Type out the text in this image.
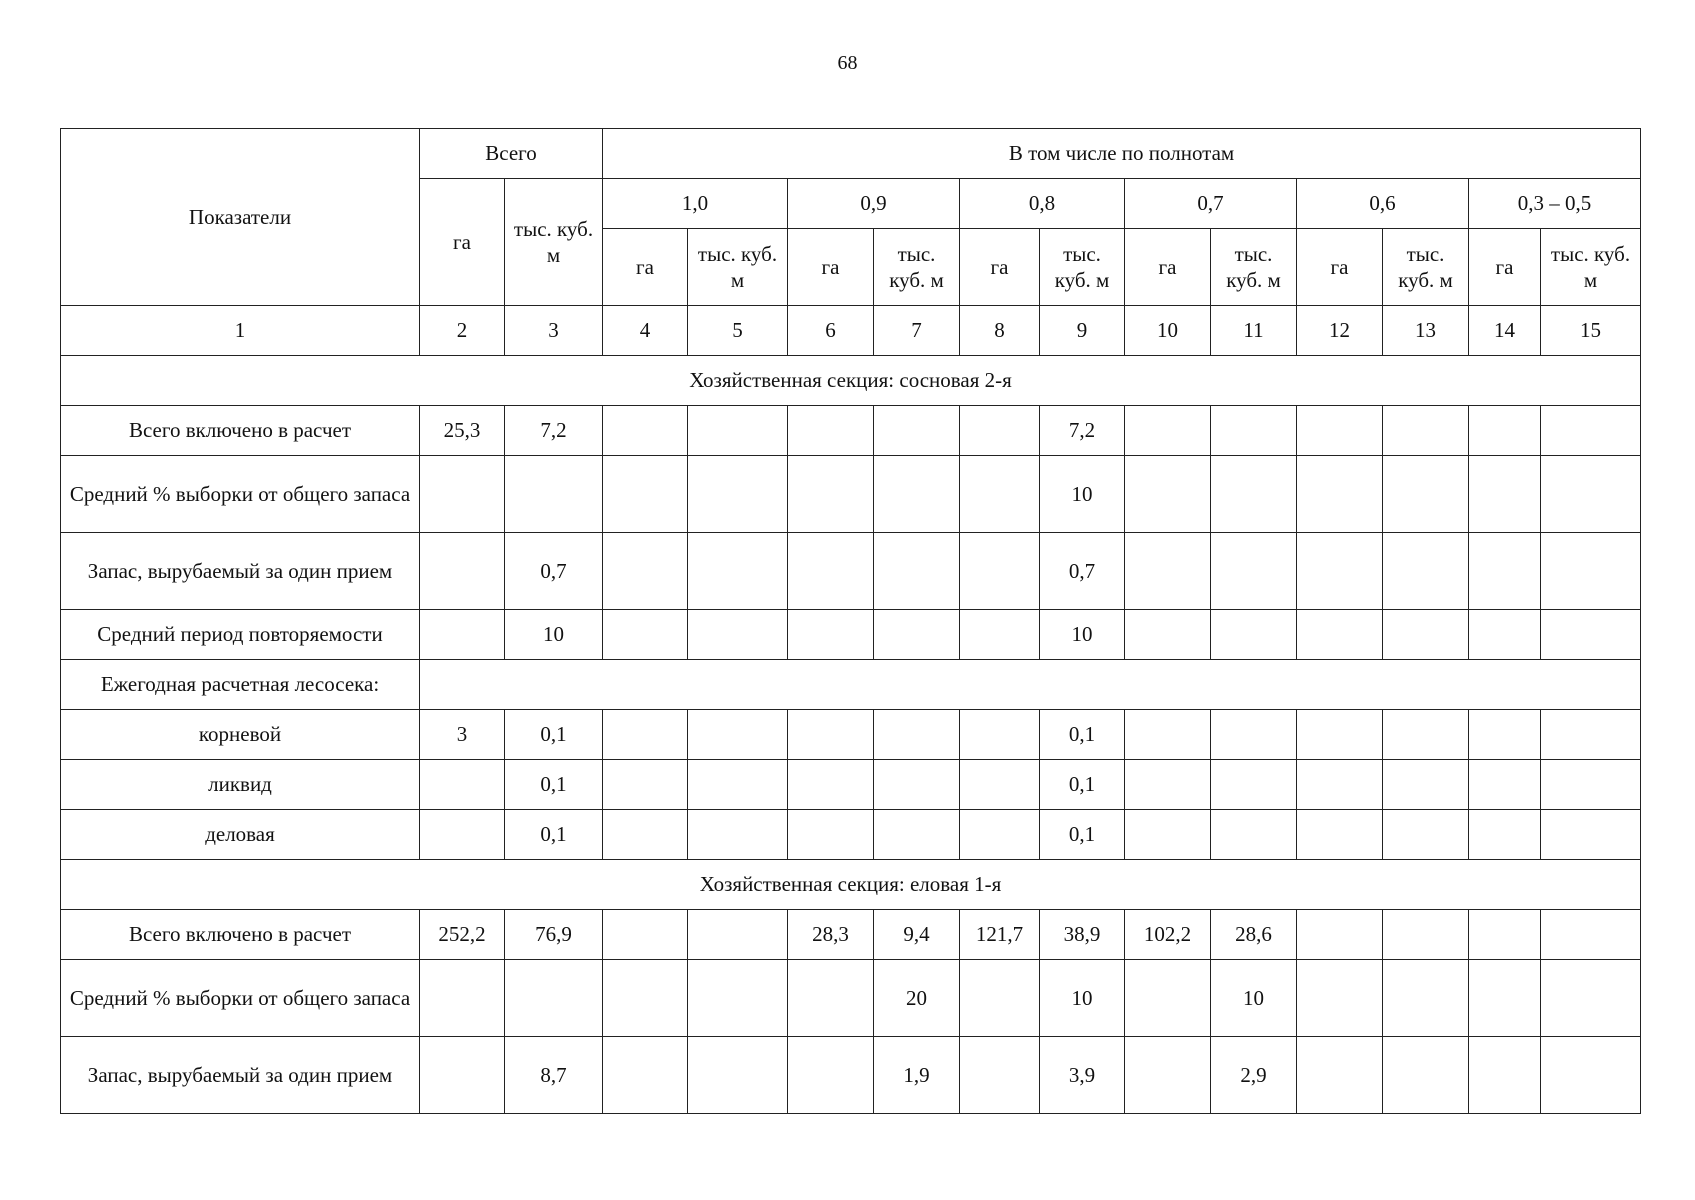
68
Показатели	Всего		В том числе по полнотам											
	га	тыс. куб. м	1,0		0,9		0,8		0,7		0,6		0,3 – 0,5	
			га	тыс. куб. м	га	тыс. куб. м	га	тыс. куб. м	га	тыс. куб. м	га	тыс. куб. м	га	тыс. куб. м
1	2	3	4	5	6	7	8	9	10	11	12	13	14	15
Хозяйственная секция: сосновая 2-я														
Всего включено в расчет	25,3	7,2						7,2						
Средний % выборки от общего запаса								10						
Запас, вырубаемый за один прием		0,7						0,7						
Средний период повторяемости		10						10						
Ежегодная расчетная лесосека:														
корневой	3	0,1						0,1						
ликвид		0,1						0,1						
деловая		0,1						0,1						
Хозяйственная секция: еловая 1-я														
Всего включено в расчет	252,2	76,9			28,3	9,4	121,7	38,9	102,2	28,6				
Средний % выборки от общего запаса						20		10		10				
Запас, вырубаемый за один прием		8,7				1,9		3,9		2,9				
